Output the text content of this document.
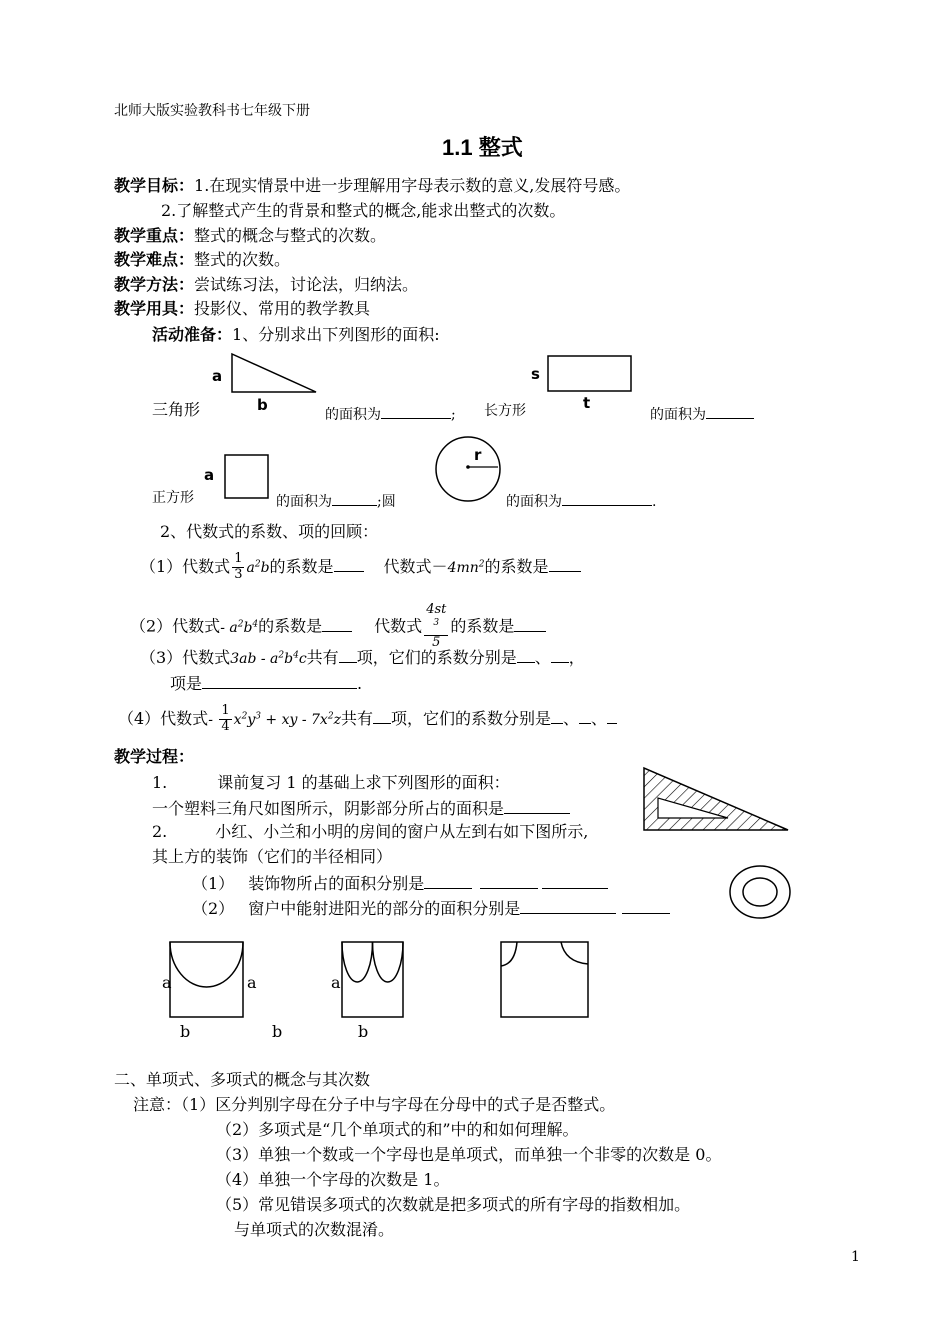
北师大版实验教科书七年级下册
1.1 整式
教学目标：1.在现实情景中进一步理解用字母表示数的意义,发展符号感。
2.了解整式产生的背景和整式的概念,能求出整式的次数。
教学重点：整式的概念与整式的次数。
教学难点：整式的次数。
教学方法：尝试练习法，讨论法，归纳法。
教学用具：投影仪、常用的教学教具
活动准备：1、分别求出下列图形的面积:
a
b
三角形	的面积为	; 长方形
s
t
的面积为
a
正方形	的面积为	;圆
r
的面积为	.
2、代数式的系数、项的回顾：
（1）代数式 $\frac{1}{3} a^2b$的系数是	代数式$-4mn^2$的系数是
（2）代数式- $a^2b^4$的系数是	代数式 4st
$^3$
5 的系数是
（3）代数式$3ab - a^2b^4c$共有 项，它们的系数分别是 、 ，
项是	.
（4）代数式- $\frac{1}{4} x^2y^3$ + xy - $7x^2z$共有 项，它们的系数分别是 、 、
教学过程：
1.	课前复习 1 的基础上求下列图形的面积：
一个塑料三角尺如图所示，阴影部分所占的面积是
2.	小红、小兰和小明的房间的窗户从左到右如下图所示,
其上方的装饰（它们的半径相同）
（1） 装饰物所占的面积分别是
（2） 窗户中能射进阳光的部分的面积分别是
a	a
b	b
a
b
二、单项式、多项式的概念与其次数
注意：（1）区分判别字母在分子中与字母在分母中的式子是否整式。
（2）多项式是“几个单项式的和”中的和如何理解。
（3）单独一个数或一个字母也是单项式，而单独一个非零的次数是 0。
（4）单独一个字母的次数是 1。
（5）常见错误多项式的次数就是把多项式的所有字母的指数相加。
与单项式的次数混淆。
1
